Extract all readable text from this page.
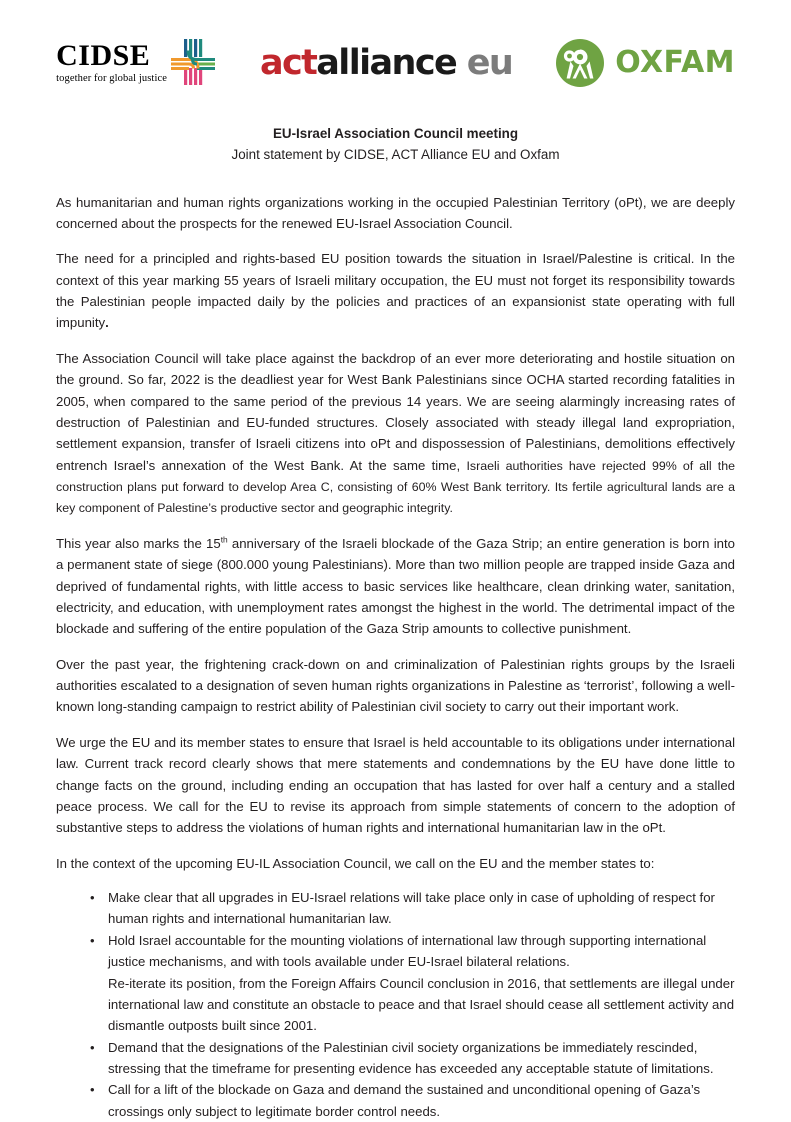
CIDSE
together for global justice	actalliance eu	OXFAM
EU-Israel Association Council meeting
Joint statement by CIDSE, ACT Alliance EU and Oxfam

As humanitarian and human rights organizations working in the occupied Palestinian Territory (oPt), we are deeply concerned about the prospects for the renewed EU-Israel Association Council.

The need for a principled and rights-based EU position towards the situation in Israel/Palestine is critical. In the context of this year marking 55 years of Israeli military occupation, the EU must not forget its responsibility towards the Palestinian people impacted daily by the policies and practices of an expansionist state operating with full impunity.

The Association Council will take place against the backdrop of an ever more deteriorating and hostile situation on the ground. So far, 2022 is the deadliest year for West Bank Palestinians since OCHA started recording fatalities in 2005, when compared to the same period of the previous 14 years. We are seeing alarmingly increasing rates of destruction of Palestinian and EU-funded structures. Closely associated with steady illegal land expropriation, settlement expansion, transfer of Israeli citizens into oPt and dispossession of Palestinians, demolitions effectively entrench Israel’s annexation of the West Bank. At the same time, Israeli authorities have rejected 99% of all the construction plans put forward to develop Area C, consisting of 60% West Bank territory. Its fertile agricultural lands are a key component of Palestine’s productive sector and geographic integrity.

This year also marks the 15th anniversary of the Israeli blockade of the Gaza Strip; an entire generation is born into a permanent state of siege (800.000 young Palestinians). More than two million people are trapped inside Gaza and deprived of fundamental rights, with little access to basic services like healthcare, clean drinking water, sanitation, electricity, and education, with unemployment rates amongst the highest in the world. The detrimental impact of the blockade and suffering of the entire population of the Gaza Strip amounts to collective punishment.

Over the past year, the frightening crack-down on and criminalization of Palestinian rights groups by the Israeli authorities escalated to a designation of seven human rights organizations in Palestine as ‘terrorist’, following a well-known long-standing campaign to restrict ability of Palestinian civil society to carry out their important work.

We urge the EU and its member states to ensure that Israel is held accountable to its obligations under international law. Current track record clearly shows that mere statements and condemnations by the EU have done little to change facts on the ground, including ending an occupation that has lasted for over half a century and a stalled peace process. We call for the EU to revise its approach from simple statements of concern to the adoption of substantive steps to address the violations of human rights and international humanitarian law in the oPt.

In the context of the upcoming EU-IL Association Council, we call on the EU and the member states to:

• Make clear that all upgrades in EU-Israel relations will take place only in case of upholding of respect for human rights and international humanitarian law.
• Hold Israel accountable for the mounting violations of international law through supporting international justice mechanisms, and with tools available under EU-Israel bilateral relations.
Re-iterate its position, from the Foreign Affairs Council conclusion in 2016, that settlements are illegal under international law and constitute an obstacle to peace and that Israel should cease all settlement activity and dismantle outposts built since 2001.
• Demand that the designations of the Palestinian civil society organizations be immediately rescinded, stressing that the timeframe for presenting evidence has exceeded any acceptable statute of limitations.
• Call for a lift of the blockade on Gaza and demand the sustained and unconditional opening of Gaza’s crossings only subject to legitimate border control needs.
